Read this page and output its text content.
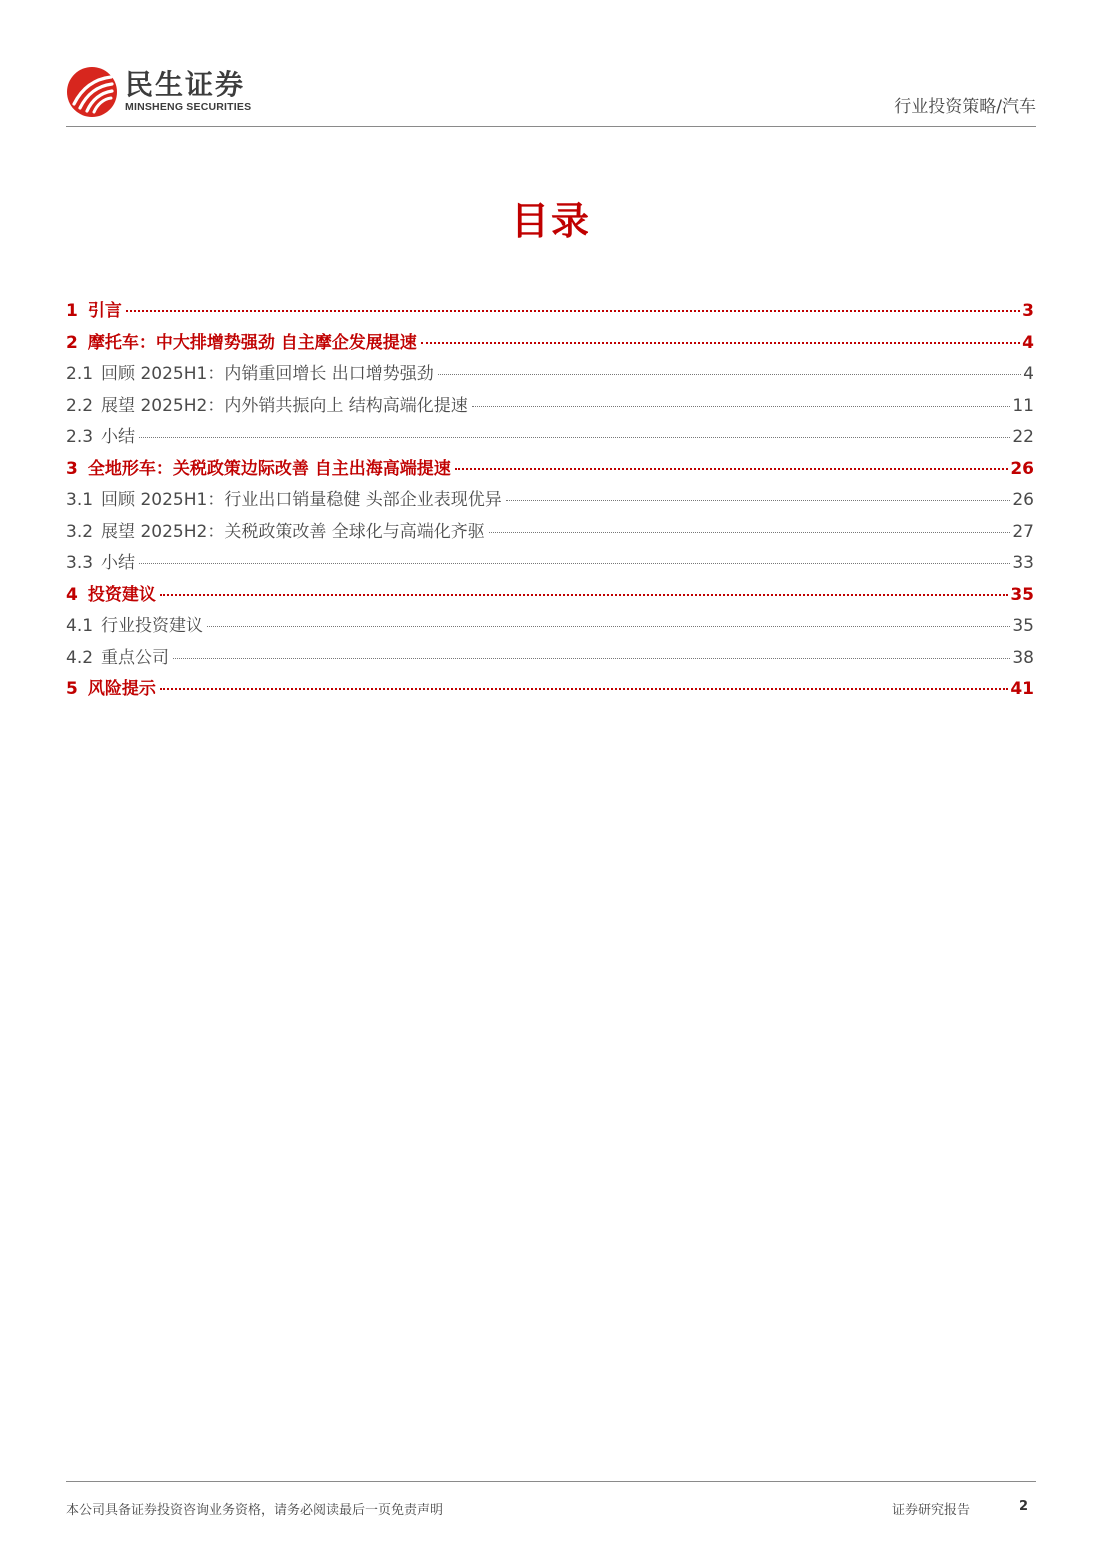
民生证券
MINSHENG SECURITIES	行业投资策略/汽车
目录
1 引言	3
2 摩托车：中大排增势强劲 自主摩企发展提速	4
2.1 回顾 2025H1：内销重回增长 出口增势强劲	4
2.2 展望 2025H2：内外销共振向上 结构高端化提速	11
2.3 小结	22
3 全地形车：关税政策边际改善 自主出海高端提速	26
3.1 回顾 2025H1：行业出口销量稳健 头部企业表现优异	26
3.2 展望 2025H2：关税政策改善 全球化与高端化齐驱	27
3.3 小结	33
4 投资建议	35
4.1 行业投资建议	35
4.2 重点公司	38
5 风险提示	41
本公司具备证券投资咨询业务资格，请务必阅读最后一页免责声明	证券研究报告	2
